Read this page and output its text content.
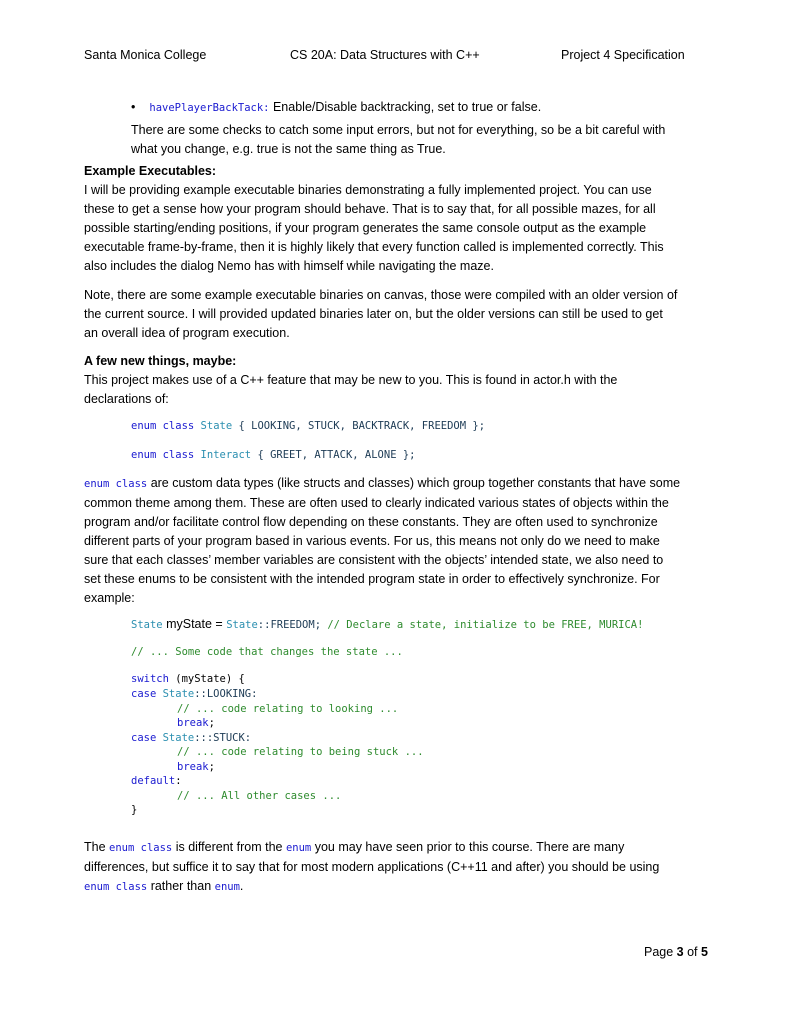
Santa Monica College	CS 20A: Data Structures with C++	Project 4 Specification
• havePlayerBackTack: Enable/Disable backtracking, set to true or false.

There are some checks to catch some input errors, but not for everything, so be a bit careful with

what you change, e.g. true is not the same thing as True.

Example Executables:

I will be providing example executable binaries demonstrating a fully implemented project. You can use

these to get a sense how your program should behave. That is to say that, for all possible mazes, for all

possible starting/ending positions, if your program generates the same console output as the example

executable frame-by-frame, then it is highly likely that every function called is implemented correctly. This

also includes the dialog Nemo has with himself while navigating the maze.

Note, there are some example executable binaries on canvas, those were compiled with an older version of

the current source. I will provided updated binaries later on, but the older versions can still be used to get

an overall idea of program execution.

A few new things, maybe:

This project makes use of a C++ feature that may be new to you. This is found in actor.h with the

declarations of:

enum class State { LOOKING, STUCK, BACKTRACK, FREEDOM };
enum class Interact { GREET, ATTACK, ALONE };

enum class are custom data types (like structs and classes) which group together constants that have some

common theme among them. These are often used to clearly indicated various states of objects within the

program and/or facilitate control flow depending on these constants. They are often used to synchronize

different parts of your program based in various events. For us, this means not only do we need to make

sure that each classes’ member variables are consistent with the objects’ intended state, we also need to

set these enums to be consistent with the intended program state in order to effectively synchronize. For

example:

State myState = State::FREEDOM; // Declare a state, initialize to be FREE, MURICA!
// ... Some code that changes the state ...
switch (myState) {
case State::LOOKING:
// ... code relating to looking ...
break;
case State:::STUCK:
// ... code relating to being stuck ...
break;
default:
// ... All other cases ...
}

The enum class is different from the enum you may have seen prior to this course. There are many

differences, but suffice it to say that for most modern applications (C++11 and after) you should be using

enum class rather than enum.

Page 3 of 5
